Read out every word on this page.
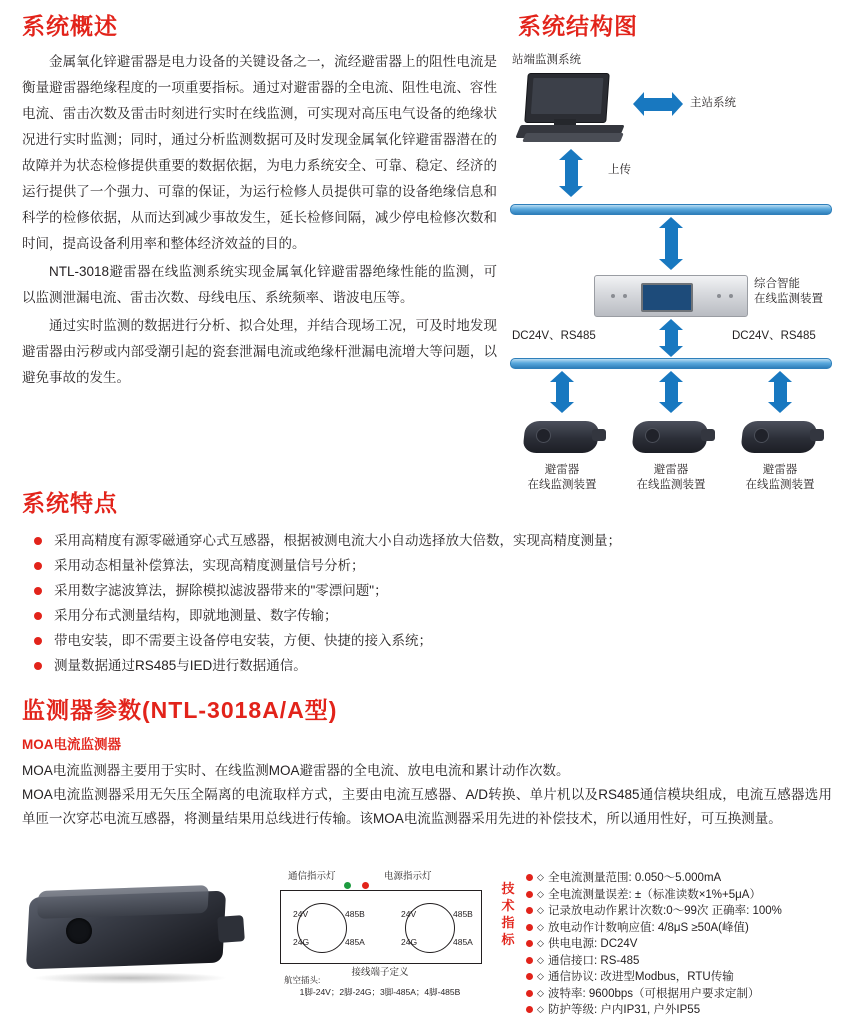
系统概述

金属氧化锌避雷器是电力设备的关键设备之一，流经避雷器上的阻性电流是衡量避雷器绝缘程度的一项重要指标。通过对避雷器的全电流、阻性电流、容性电流、雷击次数及雷击时刻进行实时在线监测，可实现对高压电气设备的绝缘状况进行实时监测；同时，通过分析监测数据可及时发现金属氧化锌避雷器潜在的故障并为状态检修提供重要的数据依据，为电力系统安全、可靠、稳定、经济的运行提供了一个强力、可靠的保证，为运行检修人员提供可靠的设备绝缘信息和科学的检修依据，从而达到减少事故发生，延长检修间隔，减少停电检修次数和时间，提高设备利用率和整体经济效益的目的。

NTL-3018避雷器在线监测系统实现金属氧化锌避雷器绝缘性能的监测，可以监测泄漏电流、雷击次数、母线电压、系统频率、谐波电压等。

通过实时监测的数据进行分析、拟合处理，并结合现场工况，可及时地发现避雷器由污秽或内部受潮引起的瓷套泄漏电流或绝缘杆泄漏电流增大等问题，以避免事故的发生。

系统结构图
站端监测系统
主站系统
上传
综合智能
在线监测装置
DC24V、RS485	DC24V、RS485
避雷器
在线监测装置
避雷器
在线监测装置
避雷器
在线监测装置
系统特点
采用高精度有源零磁通穿心式互感器，根据被测电流大小自动选择放大倍数，实现高精度测量；
采用动态相量补偿算法，实现高精度测量信号分析；
采用数字滤波算法，摒除模拟滤波器带来的"零漂问题"；
采用分布式测量结构，即就地测量、数字传输；
带电安装，即不需要主设备停电安装，方便、快捷的接入系统；
测量数据通过RS485与IED进行数据通信。
监测器参数(NTL-3018A/A型)
MOA电流监测器

MOA电流监测器主要用于实时、在线监测MOA避雷器的全电流、放电电流和累计动作次数。

MOA电流监测器采用无矢压全隔离的电流取样方式，主要由电流互感器、A/D转换、单片机以及RS485通信模块组成，电流互感器选用单匝一次穿芯电流互感器，将测量结果用总线进行传输。该MOA电流监测器采用先进的补偿技术，所以通用性好，可互换测量。

通信指示灯	电源指示灯
24V	485B
24G	485A
24V	485B
24G	485A
接线端子定义
航空插头:
1脚-24V；2脚-24G；3脚-485A；4脚-485B
技术指标
◇ 全电流测量范围: 0.050～5.000mA
◇ 全电流测量误差: ±（标准读数×1%+5μA）
◇ 记录放电动作累计次数:0～99次 正确率: 100%
◇ 放电动作计数响应值: 4/8μS ≥50A(峰值)
◇ 供电电源: DC24V
◇ 通信接口: RS-485
◇ 通信协议: 改进型Modbus，RTU传输
◇ 波特率: 9600bps（可根据用户要求定制）
◇ 防护等级: 户内IP31, 户外IP55
